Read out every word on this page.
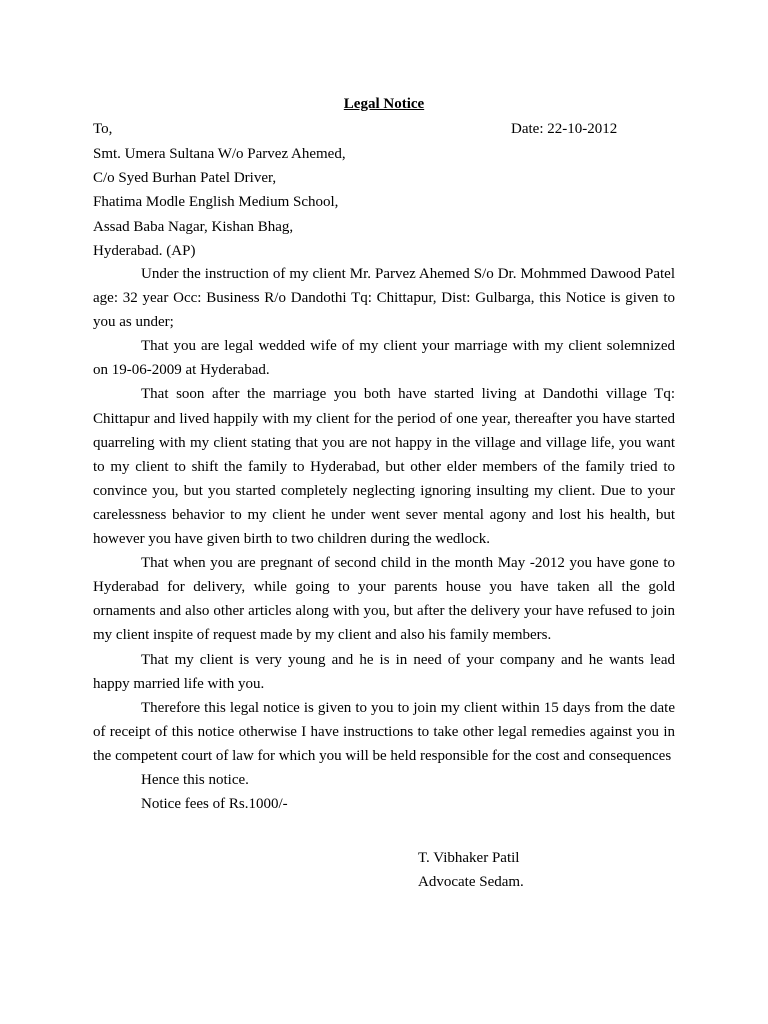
Legal Notice
To,	Date: 22-10-2012
Smt. Umera Sultana W/o Parvez Ahemed,
C/o Syed Burhan Patel Driver,
Fhatima Modle English Medium School,
Assad Baba Nagar, Kishan Bhag,
Hyderabad. (AP)

Under the instruction of my client Mr. Parvez Ahemed S/o Dr. Mohmmed Dawood Patel age: 32 year Occ: Business R/o Dandothi Tq: Chittapur, Dist: Gulbarga, this Notice is given to you as under;

That you are legal wedded wife of my client your marriage with my client solemnized on 19-06-2009 at Hyderabad.

That soon after the marriage you both have started living at Dandothi village Tq: Chittapur and lived happily with my client for the period of one year, thereafter you have started quarreling with my client stating that you are not happy in the village and village life, you want to my client to shift the family to Hyderabad, but other elder members of the family tried to convince you, but you started completely neglecting ignoring insulting my client. Due to your carelessness behavior to my client he under went sever mental agony and lost his health, but however you have given birth to two children during the wedlock.

That when you are pregnant of second child in the month May -2012 you have gone to Hyderabad for delivery, while going to your parents house you have taken all the gold ornaments and also other articles along with you, but after the delivery your have refused to join my client inspite of request made by my client and also his family members.

That my client is very young and he is in need of your company and he wants lead happy married life with you.

Therefore this legal notice is given to you to join my client within 15 days from the date of receipt of this notice otherwise I have instructions to take other legal remedies against you in the competent court of law for which you will be held responsible for the cost and consequences

Hence this notice.

Notice fees of Rs.1000/-

T. Vibhaker Patil
Advocate Sedam.
